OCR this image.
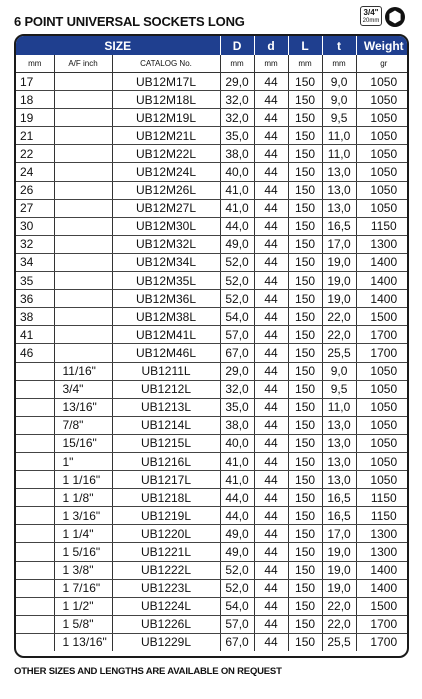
6 POINT UNIVERSAL SOCKETS LONG
3/4"
20mm
SIZE			D	d	L	t	Weight
mm	A/F inch	CATALOG No.	mm	mm	mm	mm	gr
17		UB12M17L	29,0	44	150	9,0	1050
18		UB12M18L	32,0	44	150	9,0	1050
19		UB12M19L	32,0	44	150	9,5	1050
21		UB12M21L	35,0	44	150	11,0	1050
22		UB12M22L	38,0	44	150	11,0	1050
24		UB12M24L	40,0	44	150	13,0	1050
26		UB12M26L	41,0	44	150	13,0	1050
27		UB12M27L	41,0	44	150	13,0	1050
30		UB12M30L	44,0	44	150	16,5	1150
32		UB12M32L	49,0	44	150	17,0	1300
34		UB12M34L	52,0	44	150	19,0	1400
35		UB12M35L	52,0	44	150	19,0	1400
36		UB12M36L	52,0	44	150	19,0	1400
38		UB12M38L	54,0	44	150	22,0	1500
41		UB12M41L	57,0	44	150	22,0	1700
46		UB12M46L	67,0	44	150	25,5	1700
	11/16"	UB1211L	29,0	44	150	9,0	1050
	3/4"	UB1212L	32,0	44	150	9,5	1050
	13/16"	UB1213L	35,0	44	150	11,0	1050
	7/8"	UB1214L	38,0	44	150	13,0	1050
	15/16"	UB1215L	40,0	44	150	13,0	1050
	1"	UB1216L	41,0	44	150	13,0	1050
	1 1/16"	UB1217L	41,0	44	150	13,0	1050
	1 1/8"	UB1218L	44,0	44	150	16,5	1150
	1 3/16"	UB1219L	44,0	44	150	16,5	1150
	1 1/4"	UB1220L	49,0	44	150	17,0	1300
	1 5/16"	UB1221L	49,0	44	150	19,0	1300
	1 3/8"	UB1222L	52,0	44	150	19,0	1400
	1 7/16"	UB1223L	52,0	44	150	19,0	1400
	1 1/2"	UB1224L	54,0	44	150	22,0	1500
	1 5/8"	UB1226L	57,0	44	150	22,0	1700
	1 13/16"	UB1229L	67,0	44	150	25,5	1700
OTHER SIZES AND LENGTHS ARE AVAILABLE ON REQUEST
